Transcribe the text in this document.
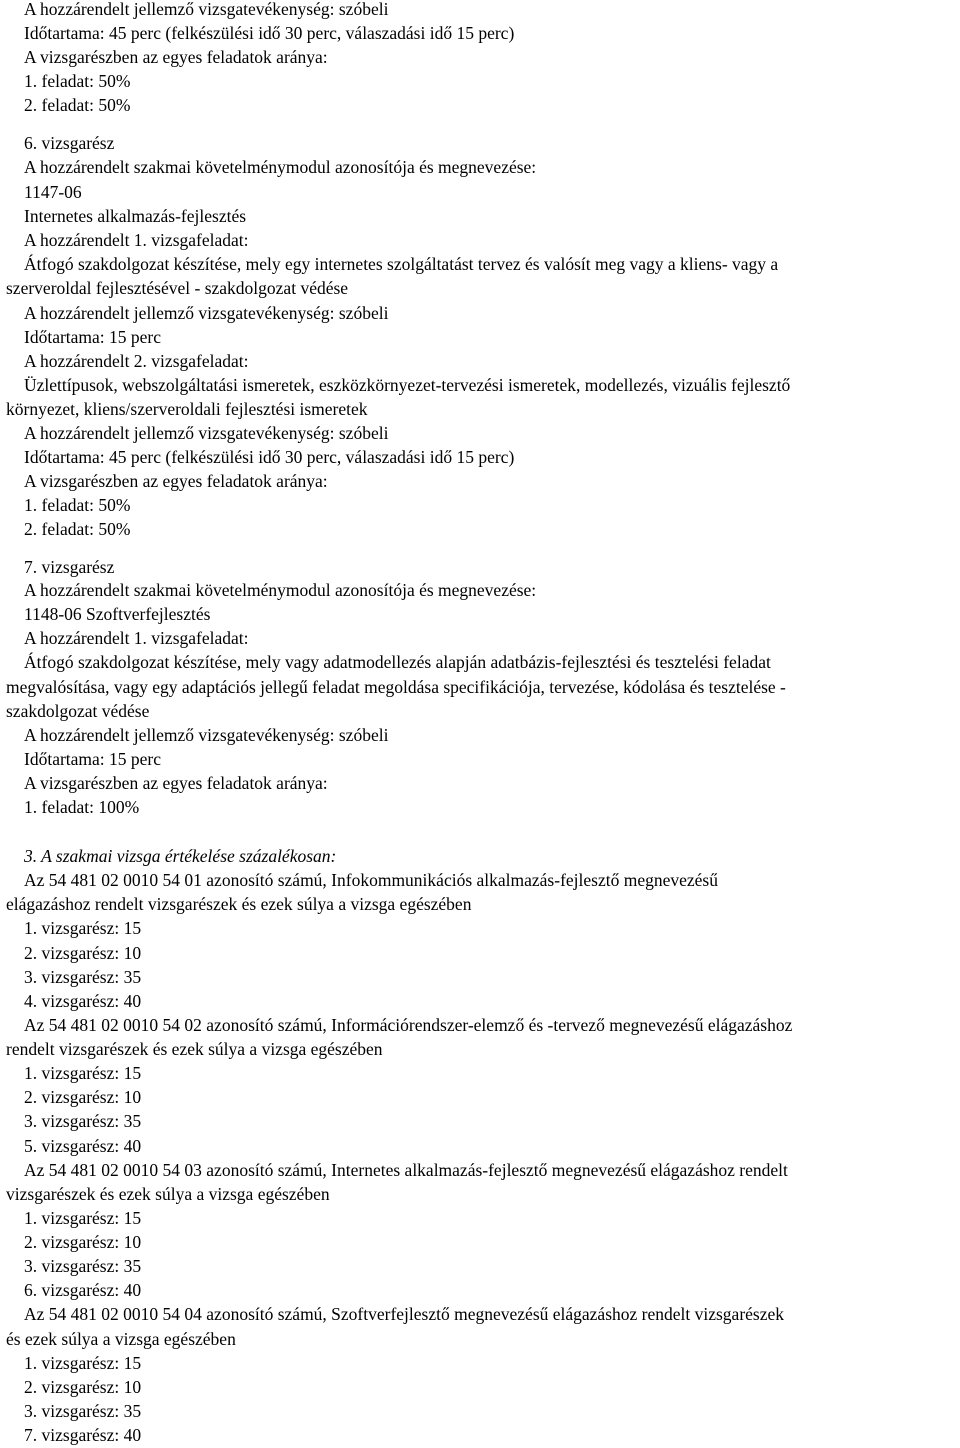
A hozzárendelt jellemző vizsgatevékenység: szóbeli
Időtartama: 45 perc (felkészülési idő 30 perc, válaszadási idő 15 perc)
A vizsgarészben az egyes feladatok aránya:
1. feladat: 50%
2. feladat: 50%
6. vizsgarész
A hozzárendelt szakmai követelménymodul azonosítója és megnevezése:
1147-06
Internetes alkalmazás-fejlesztés
A hozzárendelt 1. vizsgafeladat:
Átfogó szakdolgozat készítése, mely egy internetes szolgáltatást tervez és valósít meg vagy a kliens- vagy a
szerveroldal fejlesztésével - szakdolgozat védése
A hozzárendelt jellemző vizsgatevékenység: szóbeli
Időtartama: 15 perc
A hozzárendelt 2. vizsgafeladat:
Üzlettípusok, webszolgáltatási ismeretek, eszközkörnyezet-tervezési ismeretek, modellezés, vizuális fejlesztő
környezet, kliens/szerveroldali fejlesztési ismeretek
A hozzárendelt jellemző vizsgatevékenység: szóbeli
Időtartama: 45 perc (felkészülési idő 30 perc, válaszadási idő 15 perc)
A vizsgarészben az egyes feladatok aránya:
1. feladat: 50%
2. feladat: 50%
7. vizsgarész
A hozzárendelt szakmai követelménymodul azonosítója és megnevezése:
1148-06 Szoftverfejlesztés
A hozzárendelt 1. vizsgafeladat:
Átfogó szakdolgozat készítése, mely vagy adatmodellezés alapján adatbázis-fejlesztési és tesztelési feladat
megvalósítása, vagy egy adaptációs jellegű feladat megoldása specifikációja, tervezése, kódolása és tesztelése -
szakdolgozat védése
A hozzárendelt jellemző vizsgatevékenység: szóbeli
Időtartama: 15 perc
A vizsgarészben az egyes feladatok aránya:
1. feladat: 100%
3. A szakmai vizsga értékelése százalékosan:
Az 54 481 02 0010 54 01 azonosító számú, Infokommunikációs alkalmazás-fejlesztő megnevezésű
elágazáshoz rendelt vizsgarészek és ezek súlya a vizsga egészében
1. vizsgarész: 15
2. vizsgarész: 10
3. vizsgarész: 35
4. vizsgarész: 40
Az 54 481 02 0010 54 02 azonosító számú, Információrendszer-elemző és -tervező megnevezésű elágazáshoz
rendelt vizsgarészek és ezek súlya a vizsga egészében
1. vizsgarész: 15
2. vizsgarész: 10
3. vizsgarész: 35
5. vizsgarész: 40
Az 54 481 02 0010 54 03 azonosító számú, Internetes alkalmazás-fejlesztő megnevezésű elágazáshoz rendelt
vizsgarészek és ezek súlya a vizsga egészében
1. vizsgarész: 15
2. vizsgarész: 10
3. vizsgarész: 35
6. vizsgarész: 40
Az 54 481 02 0010 54 04 azonosító számú, Szoftverfejlesztő megnevezésű elágazáshoz rendelt vizsgarészek
és ezek súlya a vizsga egészében
1. vizsgarész: 15
2. vizsgarész: 10
3. vizsgarész: 35
7. vizsgarész: 40
